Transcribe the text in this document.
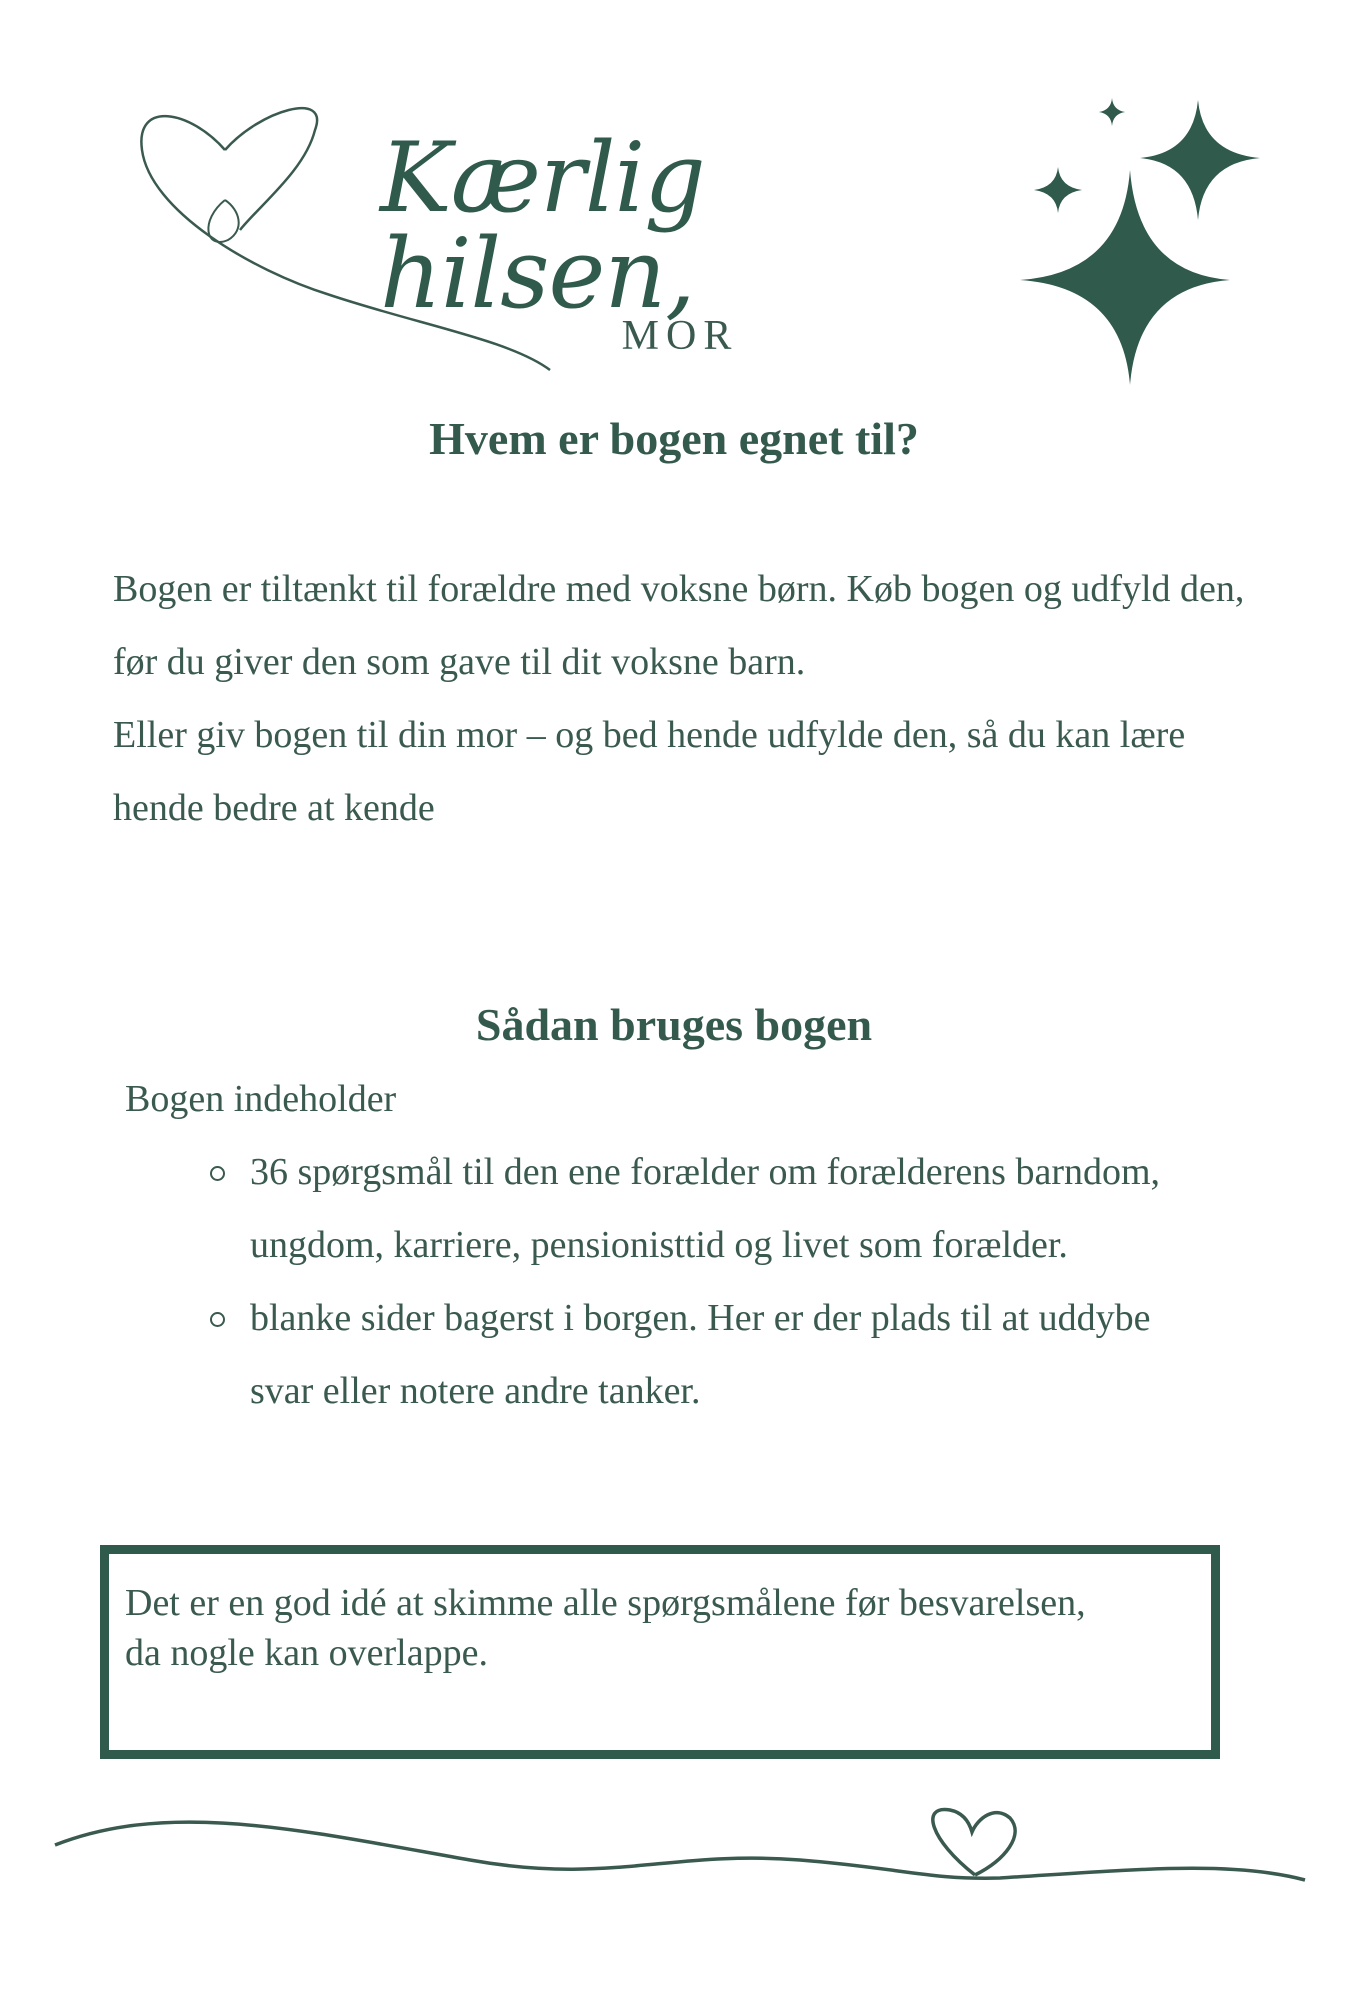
Kærlig hilsen,
MOR
Hvem er bogen egnet til?

Bogen er tiltænkt til forældre med voksne børn. Køb bogen og udfyld den, før du giver den som gave til dit voksne barn.

Eller giv bogen til din mor – og bed hende udfylde den, så du kan lære hende bedre at kende

Sådan bruges bogen
Bogen indeholder
36 spørgsmål til den ene forælder om forælderens barndom, ungdom, karriere, pensionisttid og livet som forælder.
blanke sider bagerst i borgen. Her er der plads til at uddybe svar eller notere andre tanker.
Det er en god idé at skimme alle spørgsmålene før besvarelsen, da nogle kan overlappe.
